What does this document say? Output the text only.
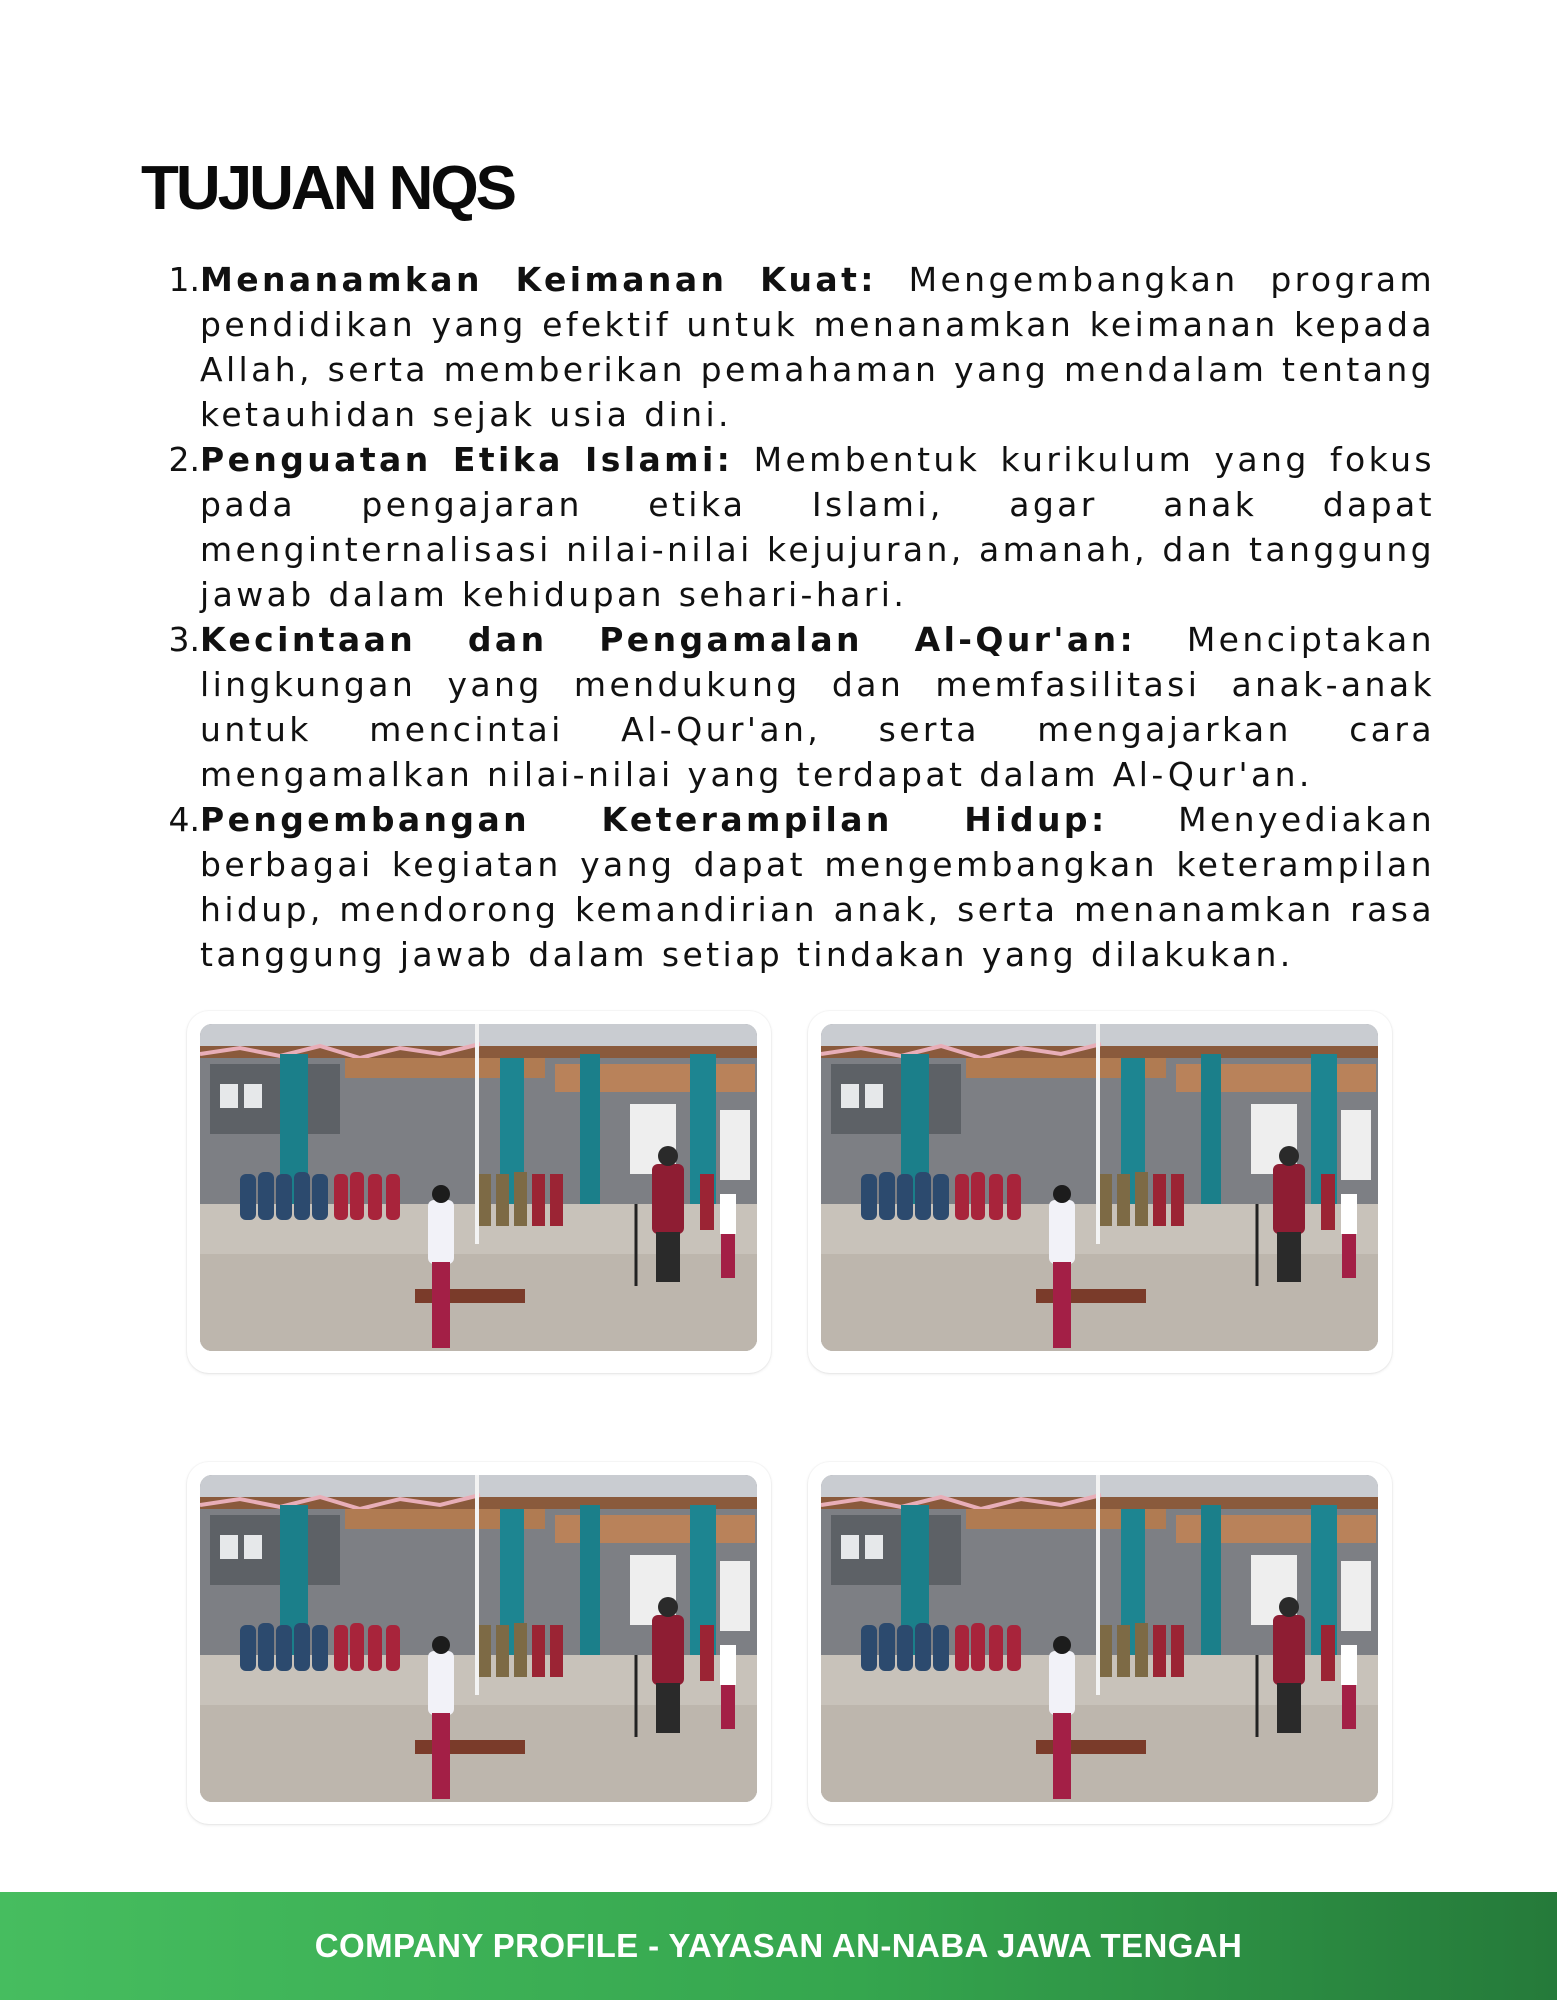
TUJUAN NQS
1. Menanamkan Keimanan Kuat: Mengembangkan program pendidikan yang efektif untuk menanamkan keimanan kepada Allah, serta memberikan pemahaman yang mendalam tentang ketauhidan sejak usia dini.
2. Penguatan Etika Islami: Membentuk kurikulum yang fokus pada pengajaran etika Islami, agar anak dapat menginternalisasi nilai-nilai kejujuran, amanah, dan tanggung jawab dalam kehidupan sehari-hari.
3. Kecintaan dan Pengamalan Al-Qur'an: Menciptakan lingkungan yang mendukung dan memfasilitasi anak-anak untuk mencintai Al-Qur'an, serta mengajarkan cara mengamalkan nilai-nilai yang terdapat dalam Al-Qur'an.
4. Pengembangan Keterampilan Hidup: Menyediakan berbagai kegiatan yang dapat mengembangkan keterampilan hidup, mendorong kemandirian anak, serta menanamkan rasa tanggung jawab dalam setiap tindakan yang dilakukan.
COMPANY PROFILE - YAYASAN AN-NABA JAWA TENGAH
